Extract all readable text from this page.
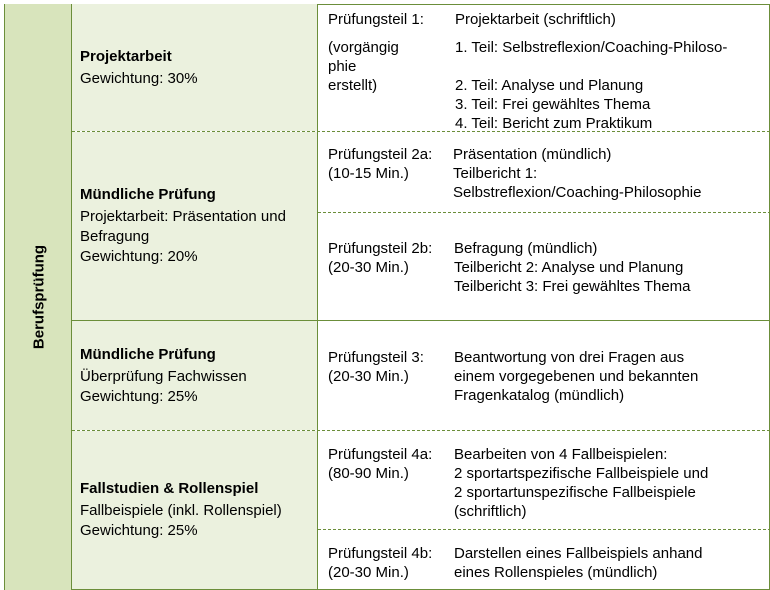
Berufsprüfung
Projektarbeit
Gewichtung: 30%
Prüfungsteil 1:
(vorgängig
phie
erstellt)
Projektarbeit (schriftlich)
1. Teil: Selbstreflexion/Coaching-Philoso-
2. Teil: Analyse und Planung
3. Teil: Frei gewähltes Thema
4. Teil: Bericht zum Praktikum
Mündliche Prüfung
Projektarbeit: Präsentation und
Befragung
Gewichtung: 20%
Prüfungsteil 2a:
(10-15 Min.)
Präsentation (mündlich)
Teilbericht 1:
Selbstreflexion/Coaching-Philosophie
Prüfungsteil 2b:
(20-30 Min.)
Befragung (mündlich)
Teilbericht 2: Analyse und Planung
Teilbericht 3: Frei gewähltes Thema
Mündliche Prüfung
Überprüfung Fachwissen
Gewichtung: 25%
Prüfungsteil 3:
(20-30 Min.)
Beantwortung von drei Fragen aus
einem vorgegebenen und bekannten
Fragenkatalog (mündlich)
Fallstudien & Rollenspiel
Fallbeispiele (inkl. Rollenspiel)
Gewichtung: 25%
Prüfungsteil 4a:
(80-90 Min.)
Bearbeiten von 4 Fallbeispielen:
2 sportartspezifische Fallbeispiele und
2 sportartunspezifische Fallbeispiele
(schriftlich)
Prüfungsteil 4b:
(20-30 Min.)
Darstellen eines Fallbeispiels anhand
eines Rollenspieles (mündlich)
